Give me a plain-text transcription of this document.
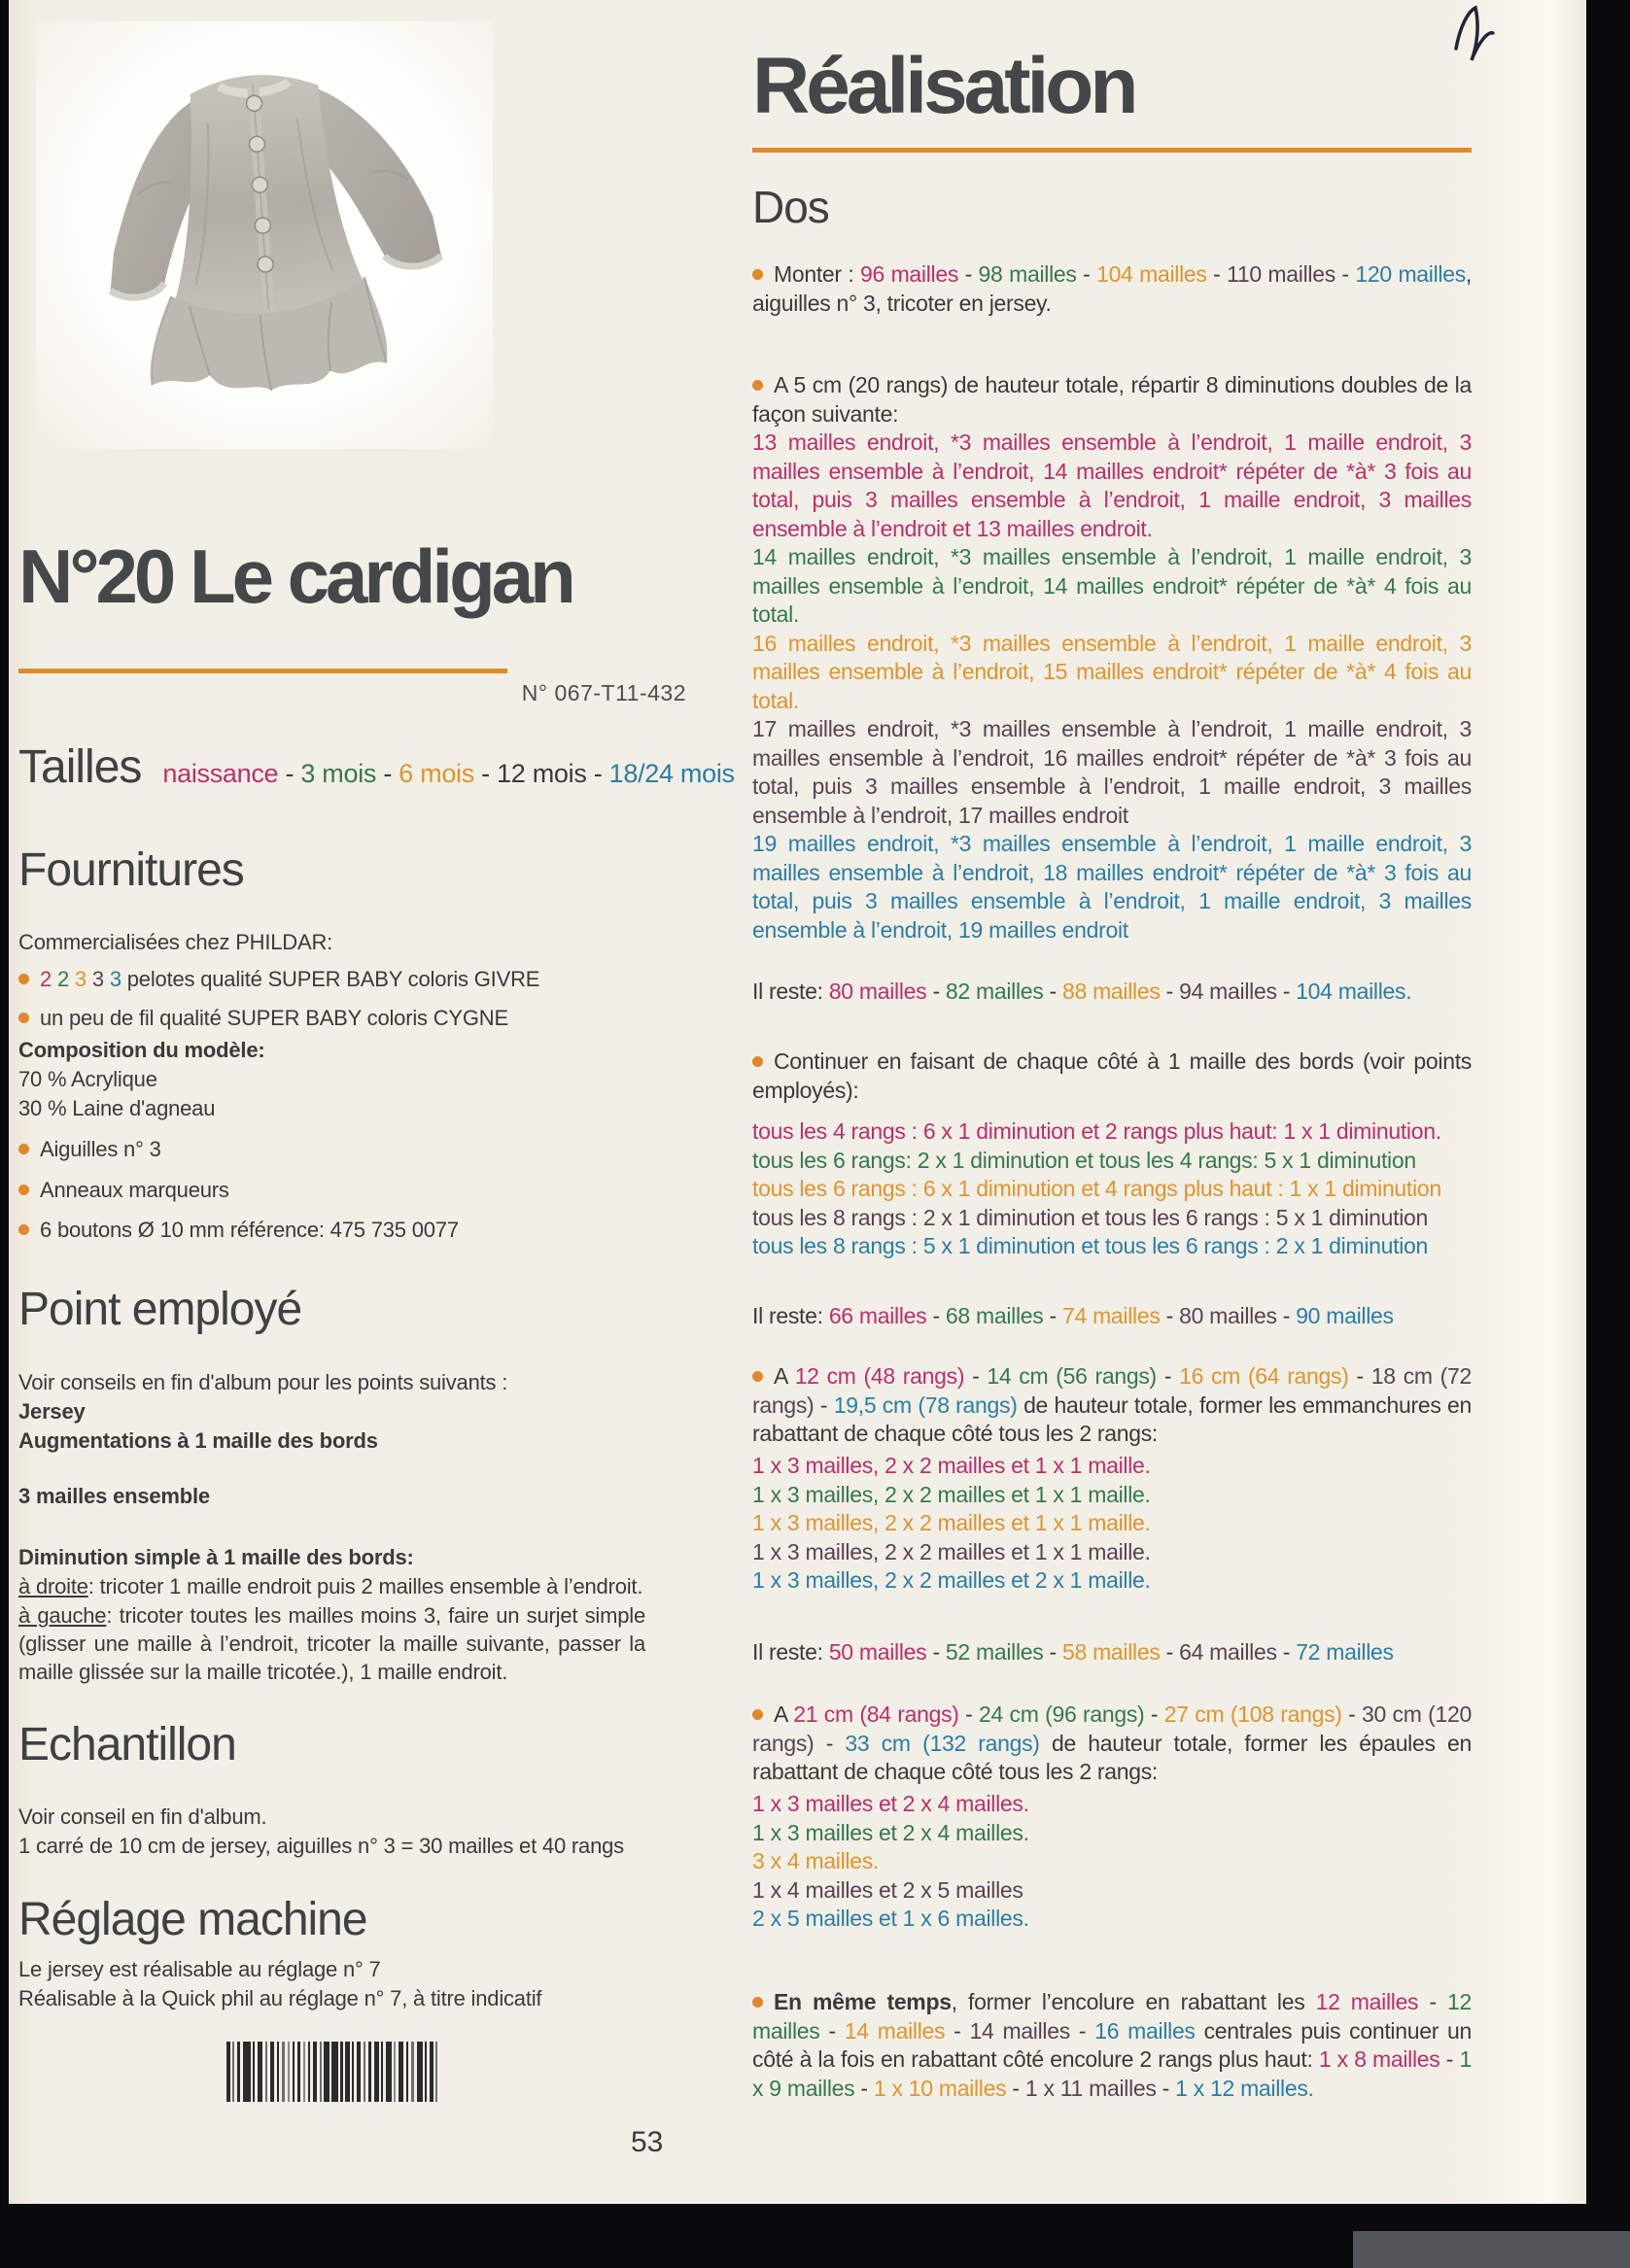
N°20 Le cardigan
N° 067-T11-432
Tailles naissance - 3 mois - 6 mois - 12 mois - 18/24 mois
Fournitures
Commercialisées chez PHILDAR:
2 2 3 3 3 pelotes qualité SUPER BABY coloris GIVRE
un peu de fil qualité SUPER BABY coloris CYGNE
Composition du modèle:
70 % Acrylique
30 % Laine d'agneau
Aiguilles n° 3
Anneaux marqueurs
6 boutons Ø 10 mm référence: 475 735 0077
Point employé
Voir conseils en fin d'album pour les points suivants :
Jersey
Augmentations à 1 maille des bords
3 mailles ensemble
Diminution simple à 1 maille des bords:
à droite: tricoter 1 maille endroit puis 2 mailles ensemble à l’endroit.
à gauche: tricoter toutes les mailles moins 3, faire un surjet simple (glisser une maille à l’endroit, tricoter la maille suivante, passer la maille glissée sur la maille tricotée.), 1 maille endroit.
Echantillon
Voir conseil en fin d'album.
1 carré de 10 cm de jersey, aiguilles n° 3 = 30 mailles et 40 rangs
Réglage machine
Le jersey est réalisable au réglage n° 7
Réalisable à la Quick phil au réglage n° 7, à titre indicatif
53
Réalisation
Dos
Monter : 96 mailles - 98 mailles - 104 mailles - 110 mailles - 120 mailles, aiguilles n° 3, tricoter en jersey.
A 5 cm (20 rangs) de hauteur totale, répartir 8 diminutions doubles de la façon suivante:
13 mailles endroit, *3 mailles ensemble à l’endroit, 1 maille endroit, 3 mailles ensemble à l’endroit, 14 mailles endroit* répéter de *à* 3 fois au total, puis 3 mailles ensemble à l’endroit, 1 maille endroit, 3 mailles ensemble à l’endroit et 13 mailles endroit.
14 mailles endroit, *3 mailles ensemble à l’endroit, 1 maille endroit, 3 mailles ensemble à l’endroit, 14 mailles endroit* répéter de *à* 4 fois au total.
16 mailles endroit, *3 mailles ensemble à l’endroit, 1 maille endroit, 3 mailles ensemble à l’endroit, 15 mailles endroit* répéter de *à* 4 fois au total.
17 mailles endroit, *3 mailles ensemble à l’endroit, 1 maille endroit, 3 mailles ensemble à l’endroit, 16 mailles endroit* répéter de *à* 3 fois au total, puis 3 mailles ensemble à l’endroit, 1 maille endroit, 3 mailles ensemble à l’endroit, 17 mailles endroit
19 mailles endroit, *3 mailles ensemble à l’endroit, 1 maille endroit, 3 mailles ensemble à l’endroit, 18 mailles endroit* répéter de *à* 3 fois au total, puis 3 mailles ensemble à l’endroit, 1 maille endroit, 3 mailles ensemble à l’endroit, 19 mailles endroit
Il reste: 80 mailles - 82 mailles - 88 mailles - 94 mailles - 104 mailles.
Continuer en faisant de chaque côté à 1 maille des bords (voir points employés):
tous les 4 rangs : 6 x 1 diminution et 2 rangs plus haut: 1 x 1 diminution.
tous les 6 rangs: 2 x 1 diminution et tous les 4 rangs: 5 x 1 diminution
tous les 6 rangs : 6 x 1 diminution et 4 rangs plus haut : 1 x 1 diminution
tous les 8 rangs : 2 x 1 diminution et tous les 6 rangs : 5 x 1 diminution
tous les 8 rangs : 5 x 1 diminution et tous les 6 rangs : 2 x 1 diminution
Il reste: 66 mailles - 68 mailles - 74 mailles - 80 mailles - 90 mailles
A 12 cm (48 rangs) - 14 cm (56 rangs) - 16 cm (64 rangs) - 18 cm (72 rangs) - 19,5 cm (78 rangs) de hauteur totale, former les emmanchures en rabattant de chaque côté tous les 2 rangs:
1 x 3 mailles, 2 x 2 mailles et 1 x 1 maille.
1 x 3 mailles, 2 x 2 mailles et 1 x 1 maille.
1 x 3 mailles, 2 x 2 mailles et 1 x 1 maille.
1 x 3 mailles, 2 x 2 mailles et 1 x 1 maille.
1 x 3 mailles, 2 x 2 mailles et 2 x 1 maille.
Il reste: 50 mailles - 52 mailles - 58 mailles - 64 mailles - 72 mailles
A 21 cm (84 rangs) - 24 cm (96 rangs) - 27 cm (108 rangs) - 30 cm (120 rangs) - 33 cm (132 rangs) de hauteur totale, former les épaules en rabattant de chaque côté tous les 2 rangs:
1 x 3 mailles et 2 x 4 mailles.
1 x 3 mailles et 2 x 4 mailles.
3 x 4 mailles.
1 x 4 mailles et 2 x 5 mailles
2 x 5 mailles et 1 x 6 mailles.
En même temps, former l’encolure en rabattant les 12 mailles - 12 mailles - 14 mailles - 14 mailles - 16 mailles centrales puis continuer un côté à la fois en rabattant côté encolure 2 rangs plus haut: 1 x 8 mailles - 1 x 9 mailles - 1 x 10 mailles - 1 x 11 mailles - 1 x 12 mailles.
